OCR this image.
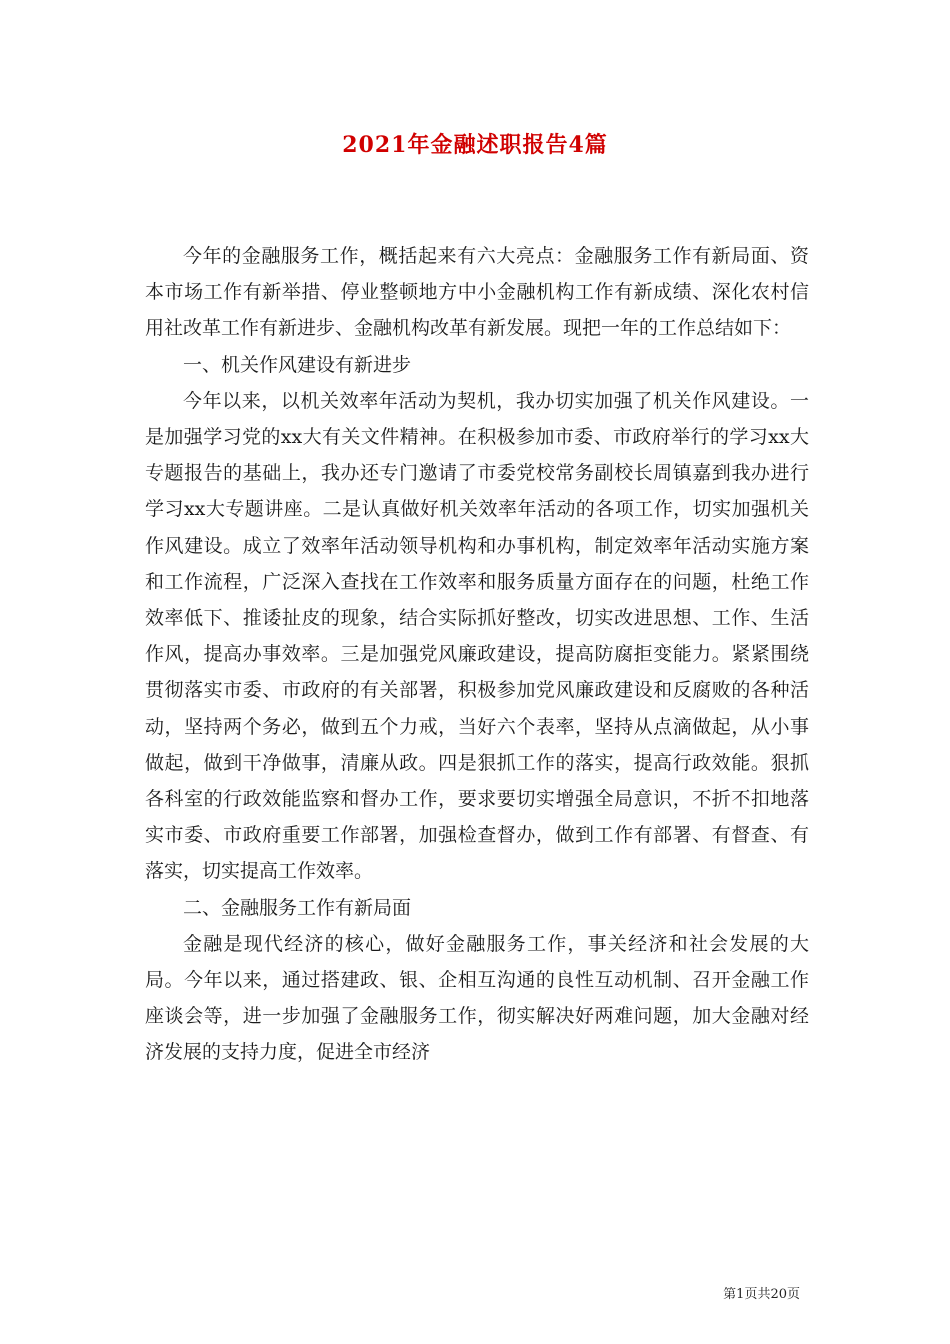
2021年金融述职报告4篇

今年的金融服务工作，概括起来有六大亮点：金融服务工作有新局面、资本市场工作有新举措、停业整顿地方中小金融机构工作有新成绩、深化农村信用社改革工作有新进步、金融机构改革有新发展。现把一年的工作总结如下：

一、机关作风建设有新进步

今年以来，以机关效率年活动为契机，我办切实加强了机关作风建设。一是加强学习党的xx大有关文件精神。在积极参加市委、市政府举行的学习xx大专题报告的基础上，我办还专门邀请了市委党校常务副校长周镇嘉到我办进行学习xx大专题讲座。二是认真做好机关效率年活动的各项工作，切实加强机关作风建设。成立了效率年活动领导机构和办事机构，制定效率年活动实施方案和工作流程，广泛深入查找在工作效率和服务质量方面存在的问题，杜绝工作效率低下、推诿扯皮的现象，结合实际抓好整改，切实改进思想、工作、生活作风，提高办事效率。三是加强党风廉政建设，提高防腐拒变能力。紧紧围绕贯彻落实市委、市政府的有关部署，积极参加党风廉政建设和反腐败的各种活动，坚持两个务必，做到五个力戒，当好六个表率，坚持从点滴做起，从小事做起，做到干净做事，清廉从政。四是狠抓工作的落实，提高行政效能。狠抓各科室的行政效能监察和督办工作，要求要切实增强全局意识，不折不扣地落实市委、市政府重要工作部署，加强检查督办，做到工作有部署、有督查、有落实，切实提高工作效率。

二、金融服务工作有新局面

金融是现代经济的核心，做好金融服务工作，事关经济和社会发展的大局。今年以来，通过搭建政、银、企相互沟通的良性互动机制、召开金融工作座谈会等，进一步加强了金融服务工作，彻实解决好两难问题，加大金融对经济发展的支持力度，促进全市经济

第1页共20页
